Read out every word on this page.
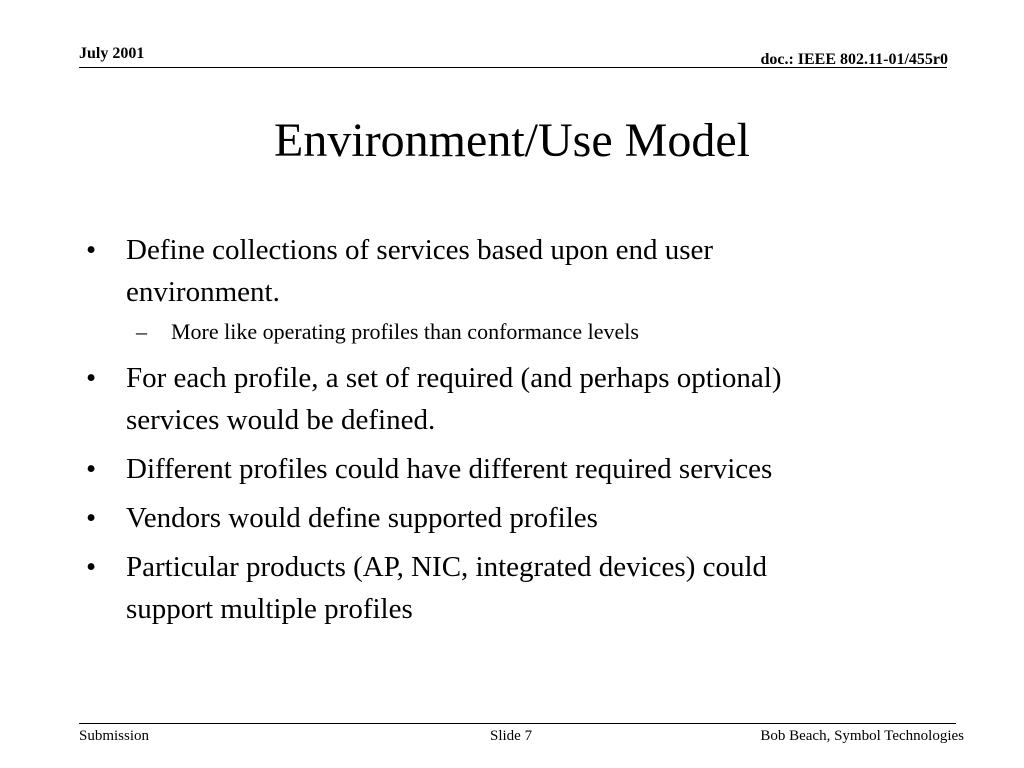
July 2001	doc.: IEEE 802.11-01/455r0
Environment/Use Model
• Define collections of services based upon end user
environment.
– More like operating profiles than conformance levels
• For each profile, a set of required (and perhaps optional)
services would be defined.
• Different profiles could have different required services
• Vendors would define supported profiles
• Particular products (AP, NIC, integrated devices) could
support multiple profiles
Submission	Slide 7	Bob Beach, Symbol Technologies
